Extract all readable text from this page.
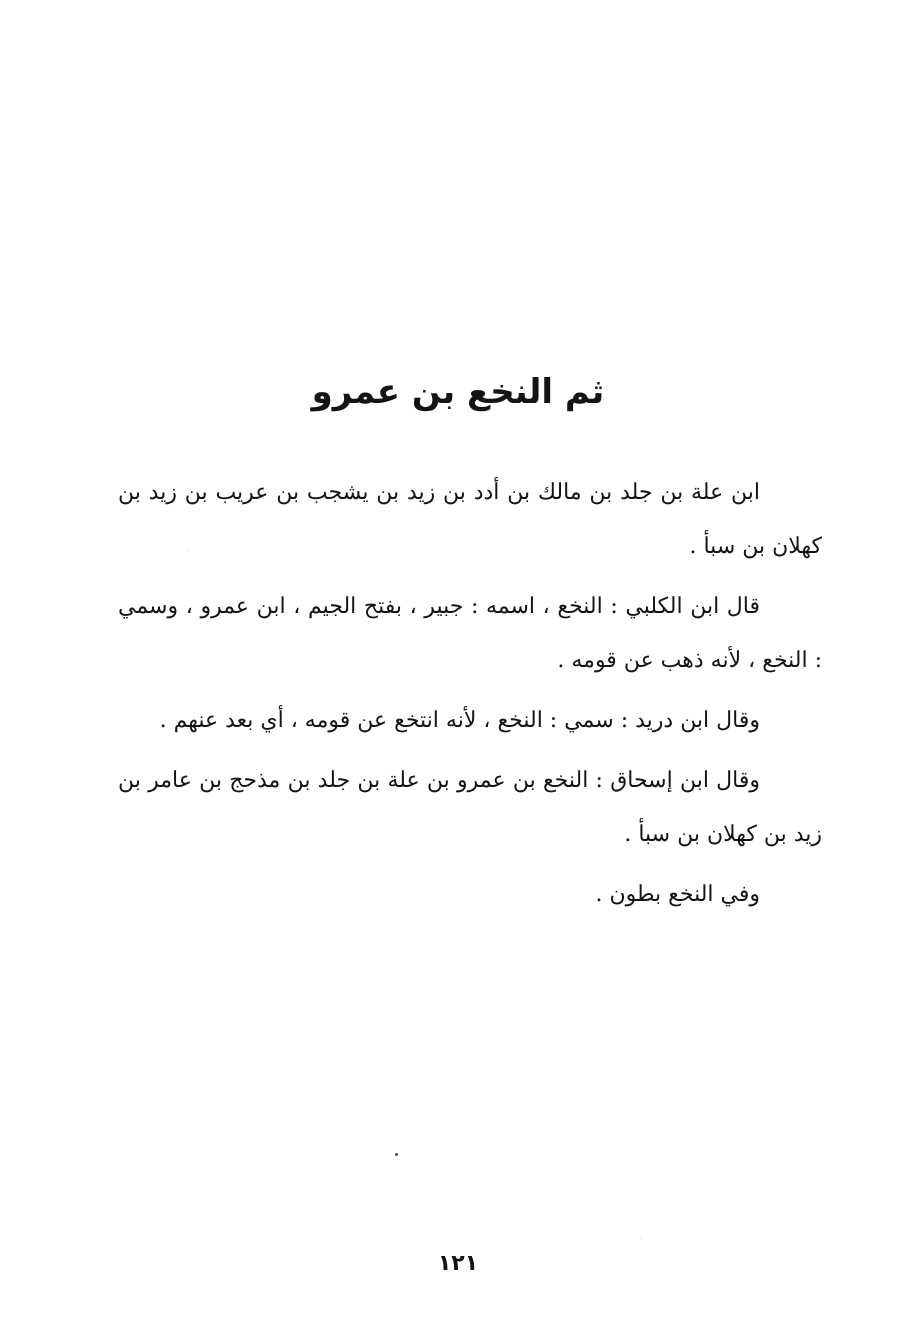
ثم النخع بن عمرو

ابن علة بن جلد بن مالك بن أدد بن زيد بن يشجب بن عريب بن زيد بن كهلان بن سبأ .

قال ابن الكلبي : النخع ، اسمه : جبير ، بفتح الجيم ، ابن عمرو ، وسمي : النخع ، لأنه ذهب عن قومه .

وقال ابن دريد : سمي : النخع ، لأنه انتخع عن قومه ، أي بعد عنهم .

وقال ابن إسحاق : النخع بن عمرو بن علة بن جلد بن مذحج بن عامر بن زيد بن كهلان بن سبأ .

وفي النخع بطون .

١٢١
